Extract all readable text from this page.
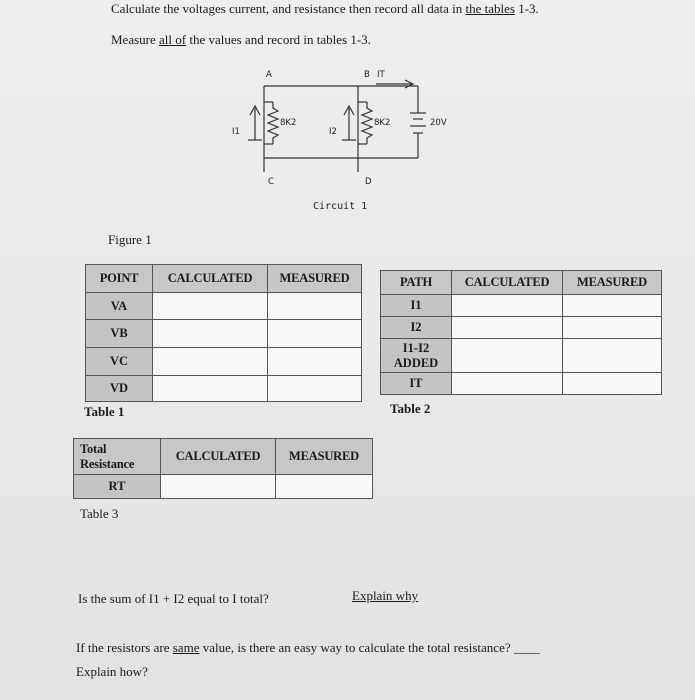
Calculate the voltages current, and resistance then record all data in the tables 1-3.
Measure all of the values and record in tables 1-3.
A	B IT
8K2	8K2	20V
I1	I2
C	D
Circuit 1
Figure 1
POINT	CALCULATED	MEASURED
VA		
VB		
VC		
VD		
Table 1
PATH	CALCULATED	MEASURED
I1		
I2		
I1-I2 ADDED		
IT		
Table 2
Total Resistance	CALCULATED	MEASURED
RT		
Table 3
Is the sum of I1 + I2 equal to I total?	Explain why
If the resistors are same value, is there an easy way to calculate the total resistance? ____
Explain how?
